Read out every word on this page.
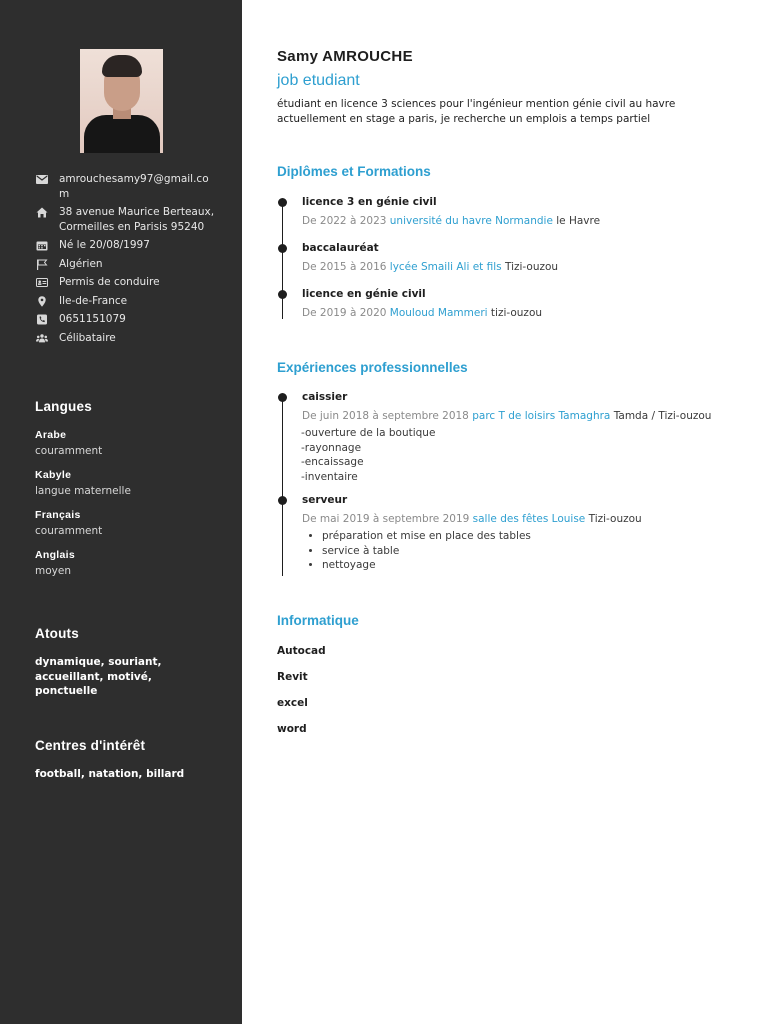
amrouchesamy97@gmail.com
38 avenue Maurice Berteaux, Cormeilles en Parisis 95240
Né le 20/08/1997
Algérien
Permis de conduire
Ile-de-France
0651151079
Célibataire
Langues
Arabe
couramment
Kabyle
langue maternelle
Français
couramment
Anglais
moyen
Atouts
dynamique, souriant, accueillant, motivé, ponctuelle
Centres d'intérêt
football, natation, billard
Samy AMROUCHE
job etudiant
étudiant en licence 3 sciences pour l'ingénieur mention génie civil au havre actuellement en stage a paris, je recherche un emplois a temps partiel
Diplômes et Formations
licence 3 en génie civil
De 2022 à 2023 université du havre Normandie le Havre
baccalauréat
De 2015 à 2016 lycée Smaili Ali et fils Tizi-ouzou
licence en génie civil
De 2019 à 2020 Mouloud Mammeri tizi-ouzou
Expériences professionnelles
caissier
De juin 2018 à septembre 2018 parc T de loisirs Tamaghra Tamda / Tizi-ouzou
-ouverture de la boutique
-rayonnage
-encaissage
-inventaire
serveur
De mai 2019 à septembre 2019 salle des fêtes Louise Tizi-ouzou
• préparation et mise en place des tables
• service à table
• nettoyage
Informatique
Autocad
Revit
excel
word
